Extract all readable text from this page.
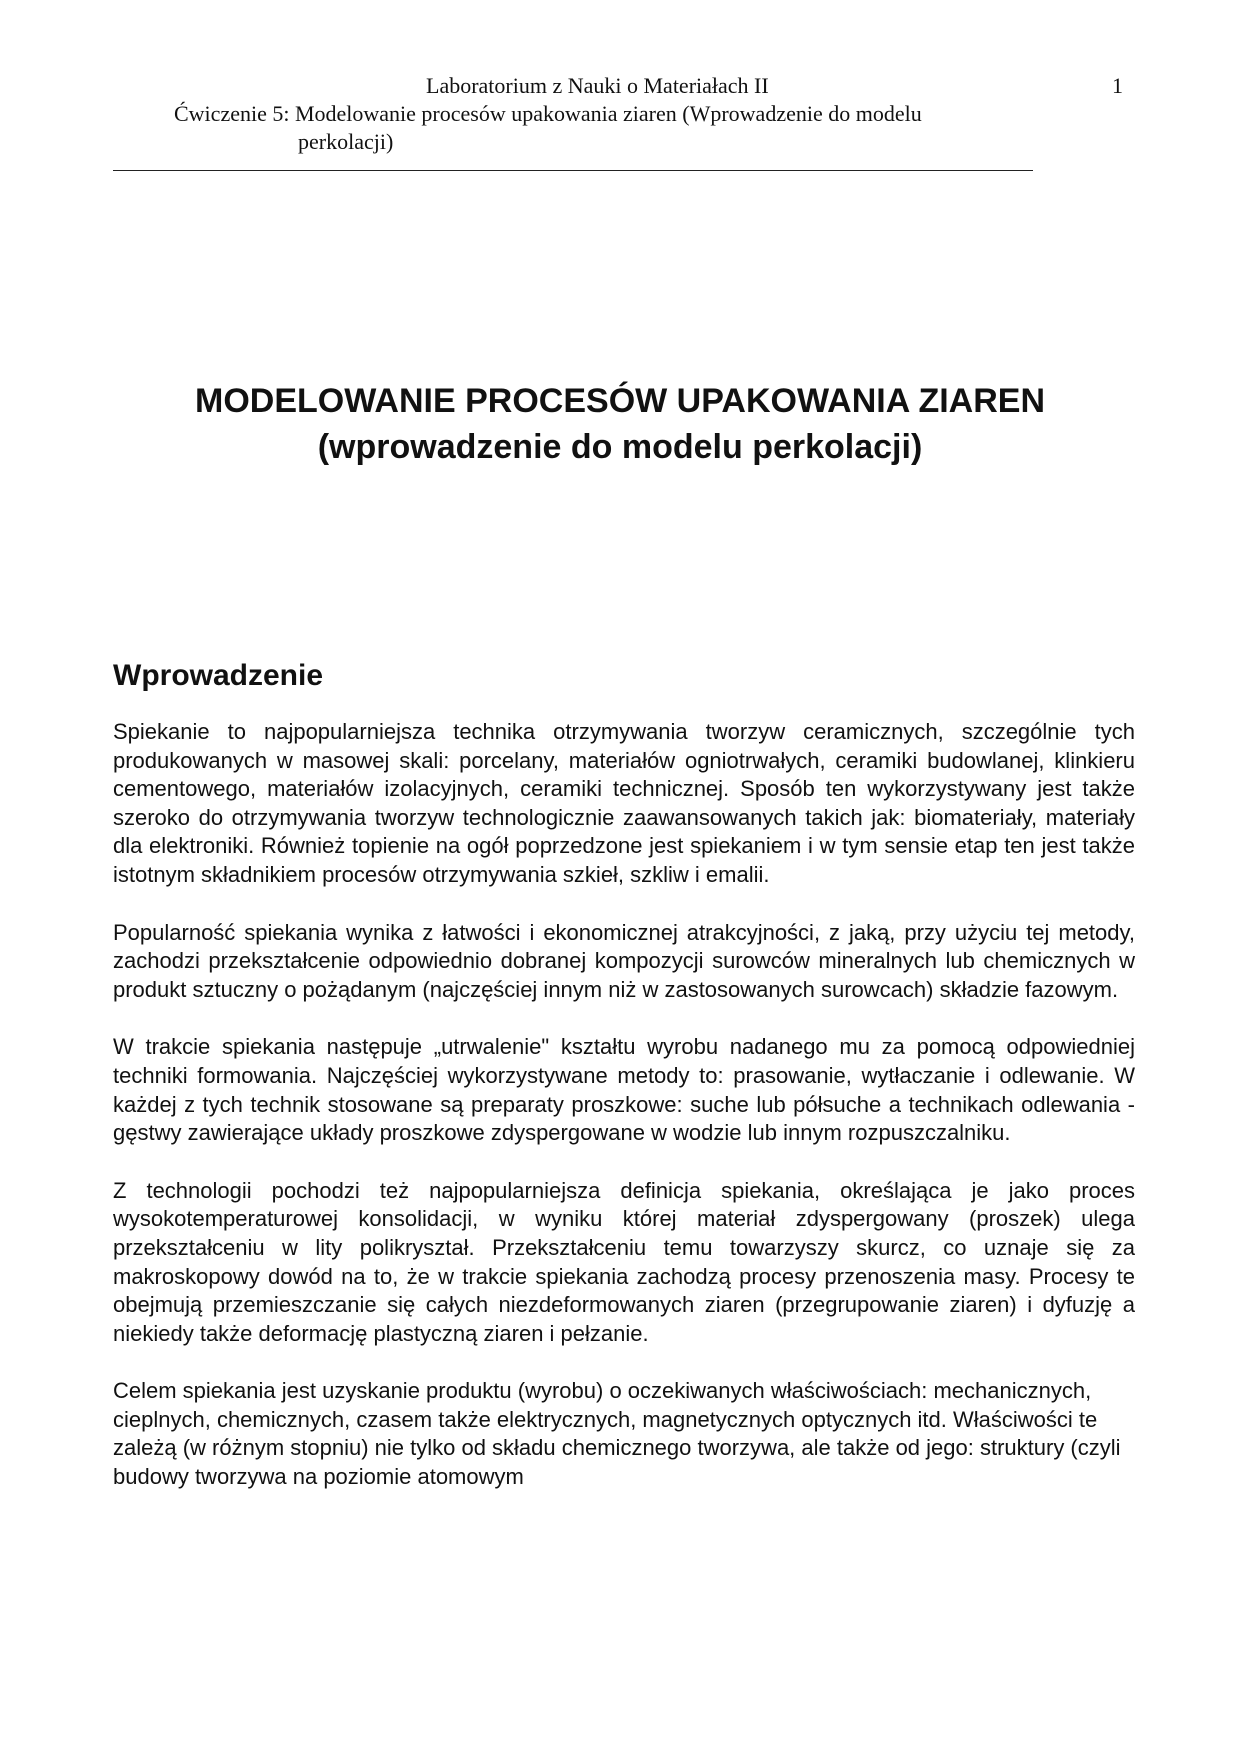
Laboratorium z Nauki o Materiałach II
Ćwiczenie 5: Modelowanie procesów upakowania ziaren (Wprowadzenie do modelu
perkolacji)
1
MODELOWANIE PROCESÓW UPAKOWANIA ZIAREN
(wprowadzenie do modelu perkolacji)
Wprowadzenie

Spiekanie to najpopularniejsza technika otrzymywania tworzyw ceramicznych, szczególnie tych produkowanych w masowej skali: porcelany, materiałów ogniotrwałych, ceramiki budowlanej, klinkieru cementowego, materiałów izolacyjnych, ceramiki technicznej. Sposób ten wykorzystywany jest także szeroko do otrzymywania tworzyw technologicznie zaawansowanych takich jak: biomateriały, materiały dla elektroniki. Również topienie na ogół poprzedzone jest spiekaniem i w tym sensie etap ten jest także istotnym składnikiem procesów otrzymywania szkieł, szkliw i emalii.

Popularność spiekania wynika z łatwości i ekonomicznej atrakcyjności, z jaką, przy użyciu tej metody, zachodzi przekształcenie odpowiednio dobranej kompozycji surowców mineralnych lub chemicznych w produkt sztuczny o pożądanym (najczęściej innym niż w zastosowanych surowcach) składzie fazowym.

W trakcie spiekania następuje „utrwalenie" kształtu wyrobu nadanego mu za pomocą odpowiedniej techniki formowania. Najczęściej wykorzystywane metody to: prasowanie, wytłaczanie i odlewanie. W każdej z tych technik stosowane są preparaty proszkowe: suche lub półsuche a technikach odlewania - gęstwy zawierające układy proszkowe zdyspergowane w wodzie lub innym rozpuszczalniku.

Z technologii pochodzi też najpopularniejsza definicja spiekania, określająca je jako proces wysokotemperaturowej konsolidacji, w wyniku której materiał zdyspergowany (proszek) ulega przekształceniu w lity polikryształ. Przekształceniu temu towarzyszy skurcz, co uznaje się za makroskopowy dowód na to, że w trakcie spiekania zachodzą procesy przenoszenia masy. Procesy te obejmują przemieszczanie się całych niezdeformowanych ziaren (przegrupowanie ziaren) i dyfuzję a niekiedy także deformację plastyczną ziaren i pełzanie.

Celem spiekania jest uzyskanie produktu (wyrobu) o oczekiwanych właściwościach: mechanicznych, cieplnych, chemicznych, czasem także elektrycznych, magnetycznych optycznych itd. Właściwości te zależą (w różnym stopniu) nie tylko od składu chemicznego tworzywa, ale także od jego: struktury (czyli budowy tworzywa na poziomie atomowym
